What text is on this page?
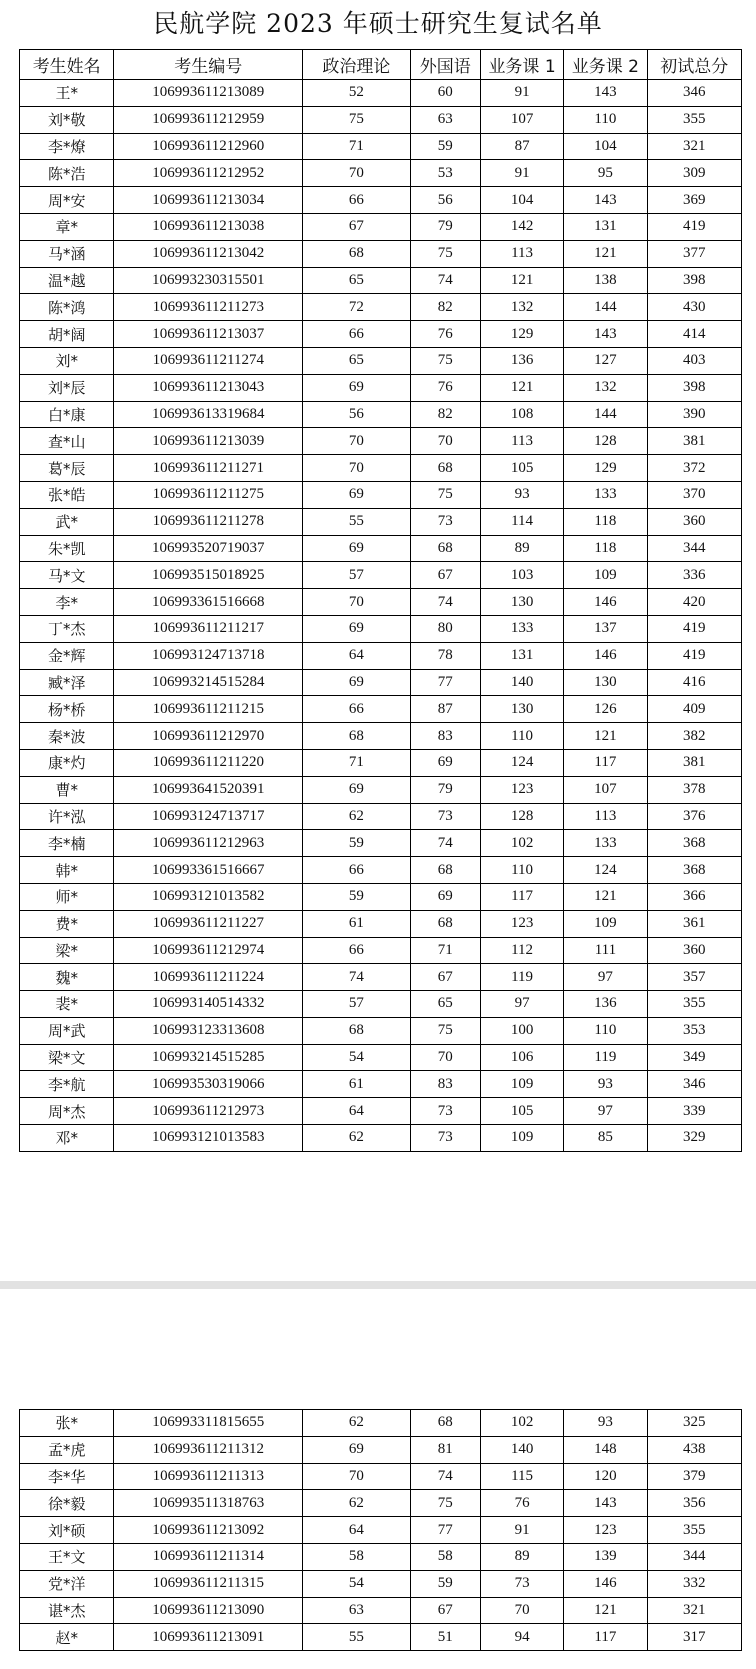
民航学院 2023 年硕士研究生复试名单
考生姓名	考生编号	政治理论	外国语	业务课 1	业务课 2	初试总分
王*	106993611213089	52	60	91	143	346
刘*敬	106993611212959	75	63	107	110	355
李*燎	106993611212960	71	59	87	104	321
陈*浩	106993611212952	70	53	91	95	309
周*安	106993611213034	66	56	104	143	369
章*	106993611213038	67	79	142	131	419
马*涵	106993611213042	68	75	113	121	377
温*越	106993230315501	65	74	121	138	398
陈*鸿	106993611211273	72	82	132	144	430
胡*阔	106993611213037	66	76	129	143	414
刘*	106993611211274	65	75	136	127	403
刘*辰	106993611213043	69	76	121	132	398
白*康	106993613319684	56	82	108	144	390
查*山	106993611213039	70	70	113	128	381
葛*辰	106993611211271	70	68	105	129	372
张*皓	106993611211275	69	75	93	133	370
武*	106993611211278	55	73	114	118	360
朱*凯	106993520719037	69	68	89	118	344
马*文	106993515018925	57	67	103	109	336
李*	106993361516668	70	74	130	146	420
丁*杰	106993611211217	69	80	133	137	419
金*辉	106993124713718	64	78	131	146	419
臧*泽	106993214515284	69	77	140	130	416
杨*桥	106993611211215	66	87	130	126	409
秦*波	106993611212970	68	83	110	121	382
康*灼	106993611211220	71	69	124	117	381
曹*	106993641520391	69	79	123	107	378
许*泓	106993124713717	62	73	128	113	376
李*楠	106993611212963	59	74	102	133	368
韩*	106993361516667	66	68	110	124	368
师*	106993121013582	59	69	117	121	366
费*	106993611211227	61	68	123	109	361
梁*	106993611212974	66	71	112	111	360
魏*	106993611211224	74	67	119	97	357
裴*	106993140514332	57	65	97	136	355
周*武	106993123313608	68	75	100	110	353
梁*文	106993214515285	54	70	106	119	349
李*航	106993530319066	61	83	109	93	346
周*杰	106993611212973	64	73	105	97	339
邓*	106993121013583	62	73	109	85	329
张*	106993311815655	62	68	102	93	325
孟*虎	106993611211312	69	81	140	148	438
李*华	106993611211313	70	74	115	120	379
徐*毅	106993511318763	62	75	76	143	356
刘*硕	106993611213092	64	77	91	123	355
王*文	106993611211314	58	58	89	139	344
党*洋	106993611211315	54	59	73	146	332
谌*杰	106993611213090	63	67	70	121	321
赵*	106993611213091	55	51	94	117	317
